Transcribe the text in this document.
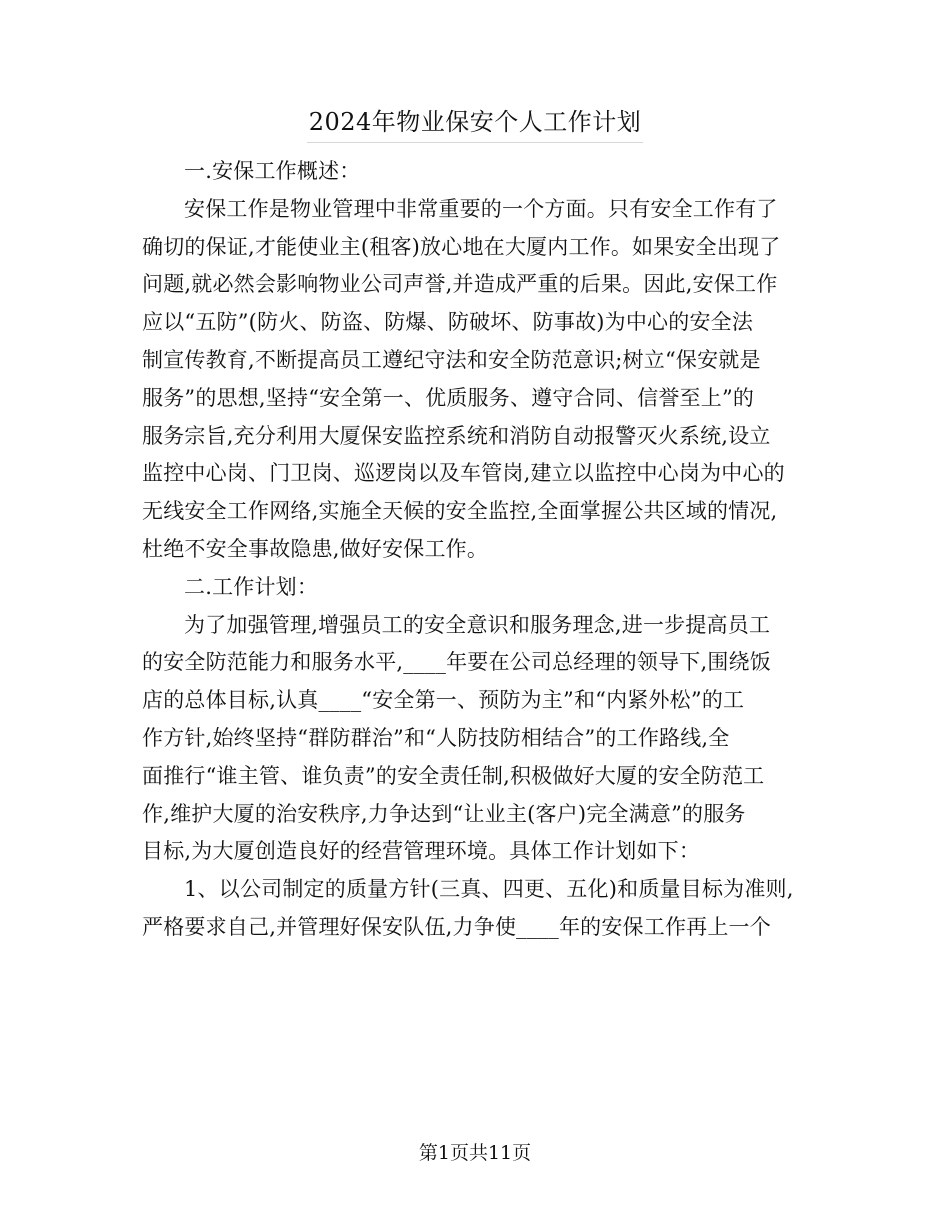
2024年物业保安个人工作计划

一.安保工作概述：

安保工作是物业管理中非常重要的一个方面。只有安全工作有了
确切的保证,才能使业主(租客)放心地在大厦内工作。如果安全出现了
问题,就必然会影响物业公司声誉,并造成严重的后果。因此,安保工作
应以“五防”(防火、防盗、防爆、防破坏、防事故)为中心的安全法
制宣传教育,不断提高员工遵纪守法和安全防范意识;树立“保安就是
服务”的思想,坚持“安全第一、优质服务、遵守合同、信誉至上”的
服务宗旨,充分利用大厦保安监控系统和消防自动报警灭火系统,设立
监控中心岗、门卫岗、巡逻岗以及车管岗,建立以监控中心岗为中心的
无线安全工作网络,实施全天候的安全监控,全面掌握公共区域的情况,
杜绝不安全事故隐患,做好安保工作。

二.工作计划：

为了加强管理,增强员工的安全意识和服务理念,进一步提高员工
的安全防范能力和服务水平,____年要在公司总经理的领导下,围绕饭
店的总体目标,认真____“安全第一、预防为主”和“内紧外松”的工
作方针,始终坚持“群防群治”和“人防技防相结合”的工作路线,全
面推行“谁主管、谁负责”的安全责任制,积极做好大厦的安全防范工
作,维护大厦的治安秩序,力争达到“让业主(客户)完全满意”的服务
目标,为大厦创造良好的经营管理环境。具体工作计划如下：

1、以公司制定的质量方针(三真、四更、五化)和质量目标为准则,
严格要求自己,并管理好保安队伍,力争使____年的安保工作再上一个

第1页共11页
